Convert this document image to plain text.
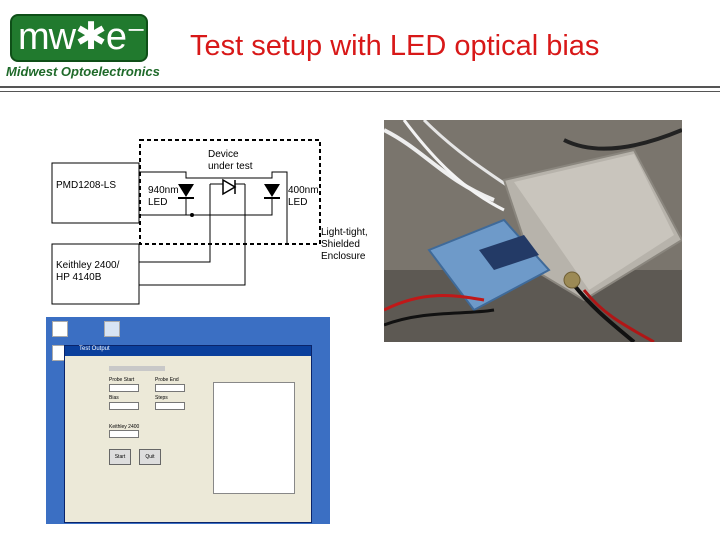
mw✱e⁻
Midwest Optoelectronics
Test setup with LED optical bias
PMD1208-LS
Keithley 2400/
HP 4140B
Device
under test
940nm
LED
400nm
LED
Light-tight,
Shielded
Enclosure
Test Output
Probe Start	Probe End
Bias	Steps
Keithley 2400
Start	Quit
